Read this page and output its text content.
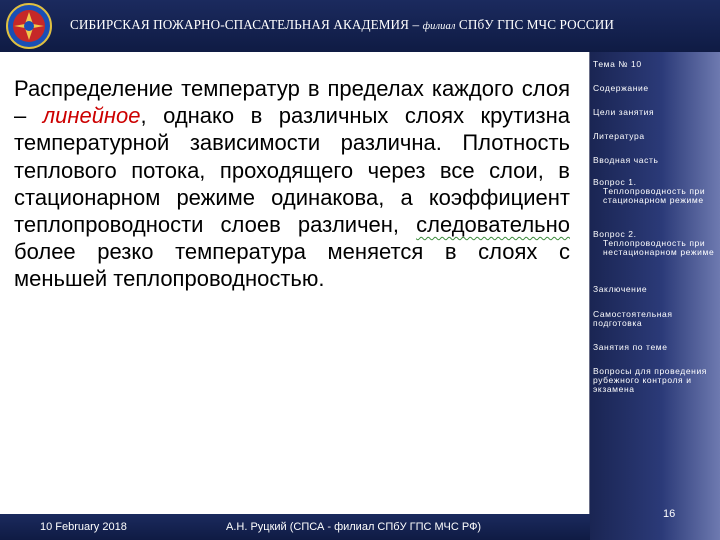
СИБИРСКАЯ ПОЖАРНО-СПАСАТЕЛЬНАЯ АКАДЕМИЯ – филиал СПбУ ГПС МЧС РОССИИ
Распределение температур в пределах каждого слоя – линейное, однако в различных слоях крутизна температурной зависимости различна. Плотность теплового потока, проходящего через все слои, в стационарном режиме одинакова, а коэффициент теплопроводности слоев различен, следовательно более резко температура меняется в слоях с меньшей теплопроводностью.
Тема № 10
Содержание
Цели занятия
Литература
Вводная часть
Вопрос 1.
Теплопроводность при стационарном режиме
Вопрос 2.
Теплопроводность при нестационарном режиме
Заключение
Самостоятельная подготовка
Занятия по теме
Вопросы для проведения рубежного контроля и экзамена
10 February 2018	А.Н. Руцкий (СПСА - филиал СПбУ ГПС МЧС РФ)
16
